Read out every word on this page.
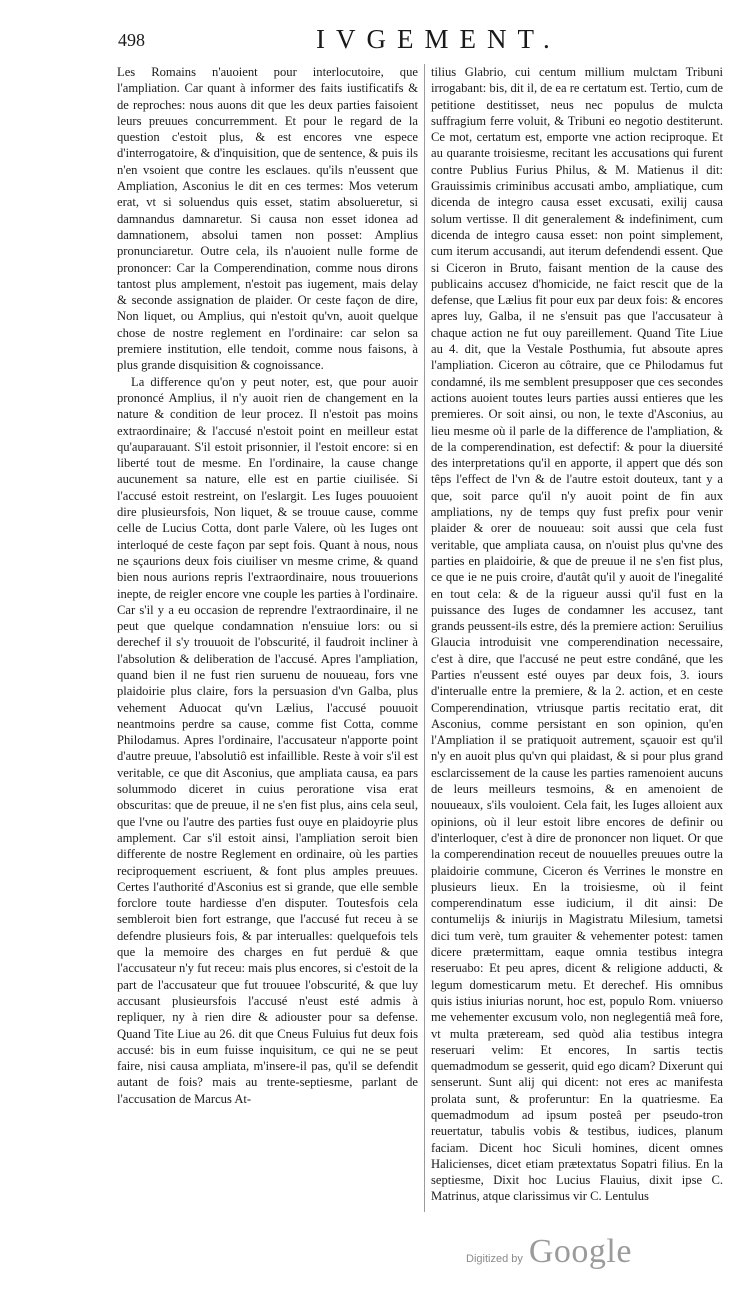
498	IVGEMENT.

Les Romains n'auoient pour interlocutoire, que l'ampliation. Car quant à informer des faits iustificatifs & de reproches: nous auons dit que les deux parties faisoient leurs preuues concurremment. Et pour le regard de la question c'estoit plus, & est encores vne espece d'interrogatoire, & d'inquisition, que de sentence, & puis ils n'en vsoient que contre les esclaues. qu'ils n'eussent que Ampliation, Asconius le dit en ces termes: Mos veterum erat, vt si soluendus quis esset, statim absolueretur, si damnandus damnaretur. Si causa non esset idonea ad damnationem, absolui tamen non posset: Amplius pronunciaretur. Outre cela, ils n'auoient nulle forme de prononcer: Car la Comperendination, comme nous dirons tantost plus amplement, n'estoit pas iugement, mais delay & seconde assignation de plaider. Or ceste façon de dire, Non liquet, ou Amplius, qui n'estoit qu'vn, auoit quelque chose de nostre reglement en l'ordinaire: car selon sa premiere institution, elle tendoit, comme nous faisons, à plus grande disquisition & cognoissance.

La difference qu'on y peut noter, est, que pour auoir prononcé Amplius, il n'y auoit rien de changement en la nature & condition de leur procez. Il n'estoit pas moins extraordinaire; & l'accusé n'estoit point en meilleur estat qu'auparauant. S'il estoit prisonnier, il l'estoit encore: si en liberté tout de mesme. En l'ordinaire, la cause change aucunement sa nature, elle est en partie ciuilisée. Si l'accusé estoit restreint, on l'eslargit. Les Iuges pouuoient dire plusieursfois, Non liquet, & se trouue cause, comme celle de Lucius Cotta, dont parle Valere, où les Iuges ont interloqué de ceste façon par sept fois. Quant à nous, nous ne sçaurions deux fois ciuiliser vn mesme crime, & quand bien nous aurions repris l'extraordinaire, nous trouuerions inepte, de reigler encore vne couple les parties à l'ordinaire. Car s'il y a eu occasion de reprendre l'extraordinaire, il ne peut que quelque condamnation n'ensuiue lors: ou si derechef il s'y trouuoit de l'obscurité, il faudroit incliner à l'absolution & deliberation de l'accusé. Apres l'ampliation, quand bien il ne fust rien suruenu de nouueau, fors vne plaidoirie plus claire, fors la persuasion d'vn Galba, plus vehement Aduocat qu'vn Lælius, l'accusé pouuoit neantmoins perdre sa cause, comme fist Cotta, comme Philodamus. Apres l'ordinaire, l'accusateur n'apporte point d'autre preuue, l'absolutiô est infaillible. Reste à voir s'il est veritable, ce que dit Asconius, que ampliata causa, ea pars solummodo diceret in cuius peroratione visa erat obscuritas: que de preuue, il ne s'en fist plus, ains cela seul, que l'vne ou l'autre des parties fust ouye en plaidoyrie plus amplement. Car s'il estoit ainsi, l'ampliation seroit bien differente de nostre Reglement en ordinaire, où les parties reciproquement escriuent, & font plus amples preuues. Certes l'authorité d'Asconius est si grande, que elle semble forclore toute hardiesse d'en disputer. Toutesfois cela sembleroit bien fort estrange, que l'accusé fut receu à se defendre plusieurs fois, & par interualles: quelquefois tels que la memoire des charges en fut perduë & que l'accusateur n'y fut receu: mais plus encores, si c'estoit de la part de l'accusateur que fut trouuee l'obscurité, & que luy accusant plusieursfois l'accusé n'eust esté admis à repliquer, ny à rien dire & adiouster pour sa defense. Quand Tite Liue au 26. dit que Cneus Fuluius fut deux fois accusé: bis in eum fuisse inquisitum, ce qui ne se peut faire, nisi causa ampliata, m'insere-il pas, qu'il se defendit autant de fois? mais au trente-septiesme, parlant de l'accusation de Marcus At-

tilius Glabrio, cui centum millium mulctam Tribuni irrogabant: bis, dit il, de ea re certatum est. Tertio, cum de petitione destitisset, neus nec populus de mulcta suffragium ferre voluit, & Tribuni eo negotio destiterunt. Ce mot, certatum est, emporte vne action reciproque. Et au quarante troisiesme, recitant les accusations qui furent contre Publius Furius Philus, & M. Matienus il dit: Grauissimis criminibus accusati ambo, ampliatique, cum dicenda de integro causa esset excusati, exilij causa solum vertisse. Il dit generalement & indefiniment, cum dicenda de integro causa esset: non point simplement, cum iterum accusandi, aut iterum defendendi essent. Que si Ciceron in Bruto, faisant mention de la cause des publicains accusez d'homicide, ne faict rescit que de la defense, que Lælius fit pour eux par deux fois: & encores apres luy, Galba, il ne s'ensuit pas que l'accusateur à chaque action ne fut ouy pareillement. Quand Tite Liue au 4. dit, que la Vestale Posthumia, fut absoute apres l'ampliation. Ciceron au côtraire, que ce Philodamus fut condamné, ils me semblent presupposer que ces secondes actions auoient toutes leurs parties aussi entieres que les premieres. Or soit ainsi, ou non, le texte d'Asconius, au lieu mesme où il parle de la difference de l'ampliation, & de la comperendination, est defectif: & pour la diuersité des interpretations qu'il en apporte, il appert que dés son têps l'effect de l'vn & de l'autre estoit douteux, tant y a que, soit parce qu'il n'y auoit point de fin aux ampliations, ny de temps quy fust prefix pour venir plaider & orer de nouueau: soit aussi que cela fust veritable, que ampliata causa, on n'ouist plus qu'vne des parties en plaidoirie, & que de preuue il ne s'en fist plus, ce que ie ne puis croire, d'autât qu'il y auoit de l'inegalité en tout cela: & de la rigueur aussi qu'il fust en la puissance des Iuges de condamner les accusez, tant grands peussent-ils estre, dés la premiere action: Seruilius Glaucia introduisit vne comperendination necessaire, c'est à dire, que l'accusé ne peut estre condâné, que les Parties n'eussent esté ouyes par deux fois, 3. iours d'interualle entre la premiere, & la 2. action, et en ceste Comperendination, vtriusque partis recitatio erat, dit Asconius, comme persistant en son opinion, qu'en l'Ampliation il se pratiquoit autrement, sçauoir est qu'il n'y en auoit plus qu'vn qui plaidast, & si pour plus grand esclarcissement de la cause les parties ramenoient aucuns de leurs meilleurs tesmoins, & en amenoient de nouueaux, s'ils vouloient. Cela fait, les Iuges alloient aux opinions, où il leur estoit libre encores de definir ou d'interloquer, c'est à dire de prononcer non liquet. Or que la comperendination receut de nouuelles preuues outre la plaidoirie commune, Ciceron és Verrines le monstre en plusieurs lieux. En la troisiesme, où il feint comperendinatum esse iudicium, il dit ainsi: De contumelijs & iniurijs in Magistratu Milesium, tametsi dici tum verè, tum grauiter & vehementer potest: tamen dicere prætermittam, eaque omnia testibus integra reseruabo: Et peu apres, dicent & religione adducti, & legum domesticarum metu. Et derechef. His omnibus quis istius iniurias norunt, hoc est, populo Rom. vniuerso me vehementer excusum volo, non neglegentiâ meâ fore, vt multa præteream, sed quòd alia testibus integra reseruari velim: Et encores, In sartis tectis quemadmodum se gesserit, quid ego dicam? Dixerunt qui senserunt. Sunt alij qui dicent: not eres ac manifesta prolata sunt, & proferuntur: En la quatriesme. Ea quemadmodum ad ipsum posteâ per pseudo-tron reuertatur, tabulis vobis & testibus, iudices, planum faciam. Dicent hoc Siculi homines, dicent omnes Halicienses, dicet etiam prætextatus Sopatri filius. En la septiesme, Dixit hoc Lucius Flauius, dixit ipse C. Matrinus, atque clarissimus vir C. Lentulus

Digitized by Google
